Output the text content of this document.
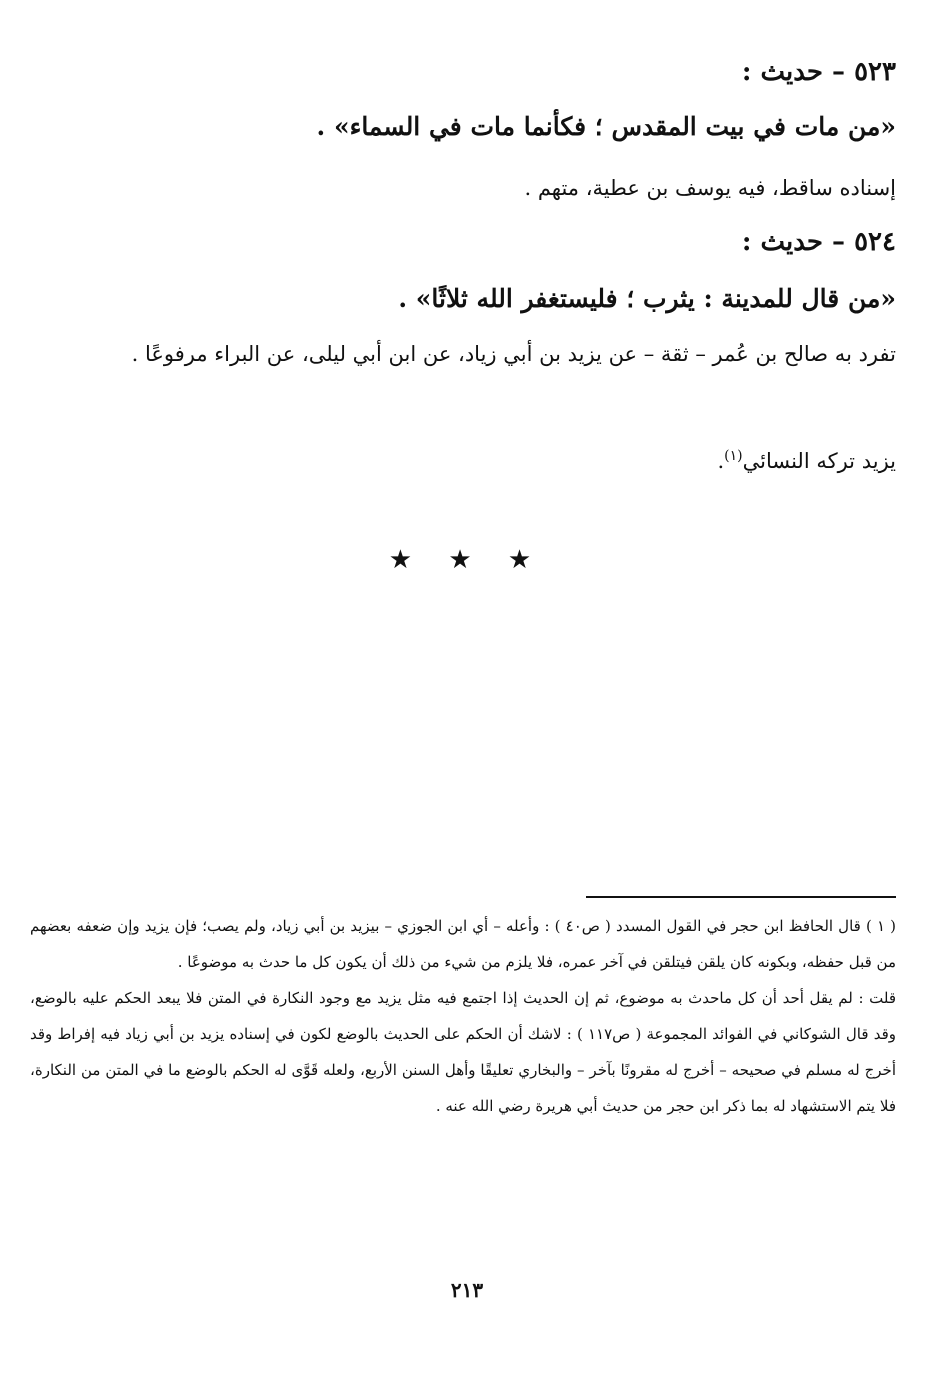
٥٢٣ – حديث :
«من مات في بيت المقدس ؛ فكأنما مات في السماء» .
إسناده ساقط، فيه يوسف بن عطية، متهم .
٥٢٤ – حديث :
«من قال للمدينة : يثرب ؛ فليستغفر الله ثلاثًا» .
تفرد به صالح بن عُمر – ثقة – عن يزيد بن أبي زياد، عن ابن أبي ليلى، عن البراء مرفوعًا .
يزيد تركه النسائي$^{(١)}$.
★ ★ ★

( ١ ) قال الحافظ ابن حجر في القول المسدد ( ص٤٠ ) : وأعله – أي ابن الجوزي – بيزيد بن أبي زياد، ولم يصب؛ فإن يزيد وإن ضعفه بعضهم من قبل حفظه، وبكونه كان يلقن فيتلقن في آخر عمره، فلا يلزم من شيء من ذلك أن يكون كل ما حدث به موضوعًا .

قلت : لم يقل أحد أن كل ماحدث به موضوع، ثم إن الحديث إذا اجتمع فيه مثل يزيد مع وجود النكارة في المتن فلا يبعد الحكم عليه بالوضع، وقد قال الشوكاني في الفوائد المجموعة ( ص١١٧ ) : لاشك أن الحكم على الحديث بالوضع لكون في إسناده يزيد بن أبي زياد فيه إفراط وقد أخرج له مسلم في صحيحه – أخرج له مقرونًا بآخر – والبخاري تعليقًا وأهل السنن الأربع، ولعله قَوَّى له الحكم بالوضع ما في المتن من النكارة، فلا يتم الاستشهاد له بما ذكر ابن حجر من حديث أبي هريرة رضي الله عنه .

٢١٣
